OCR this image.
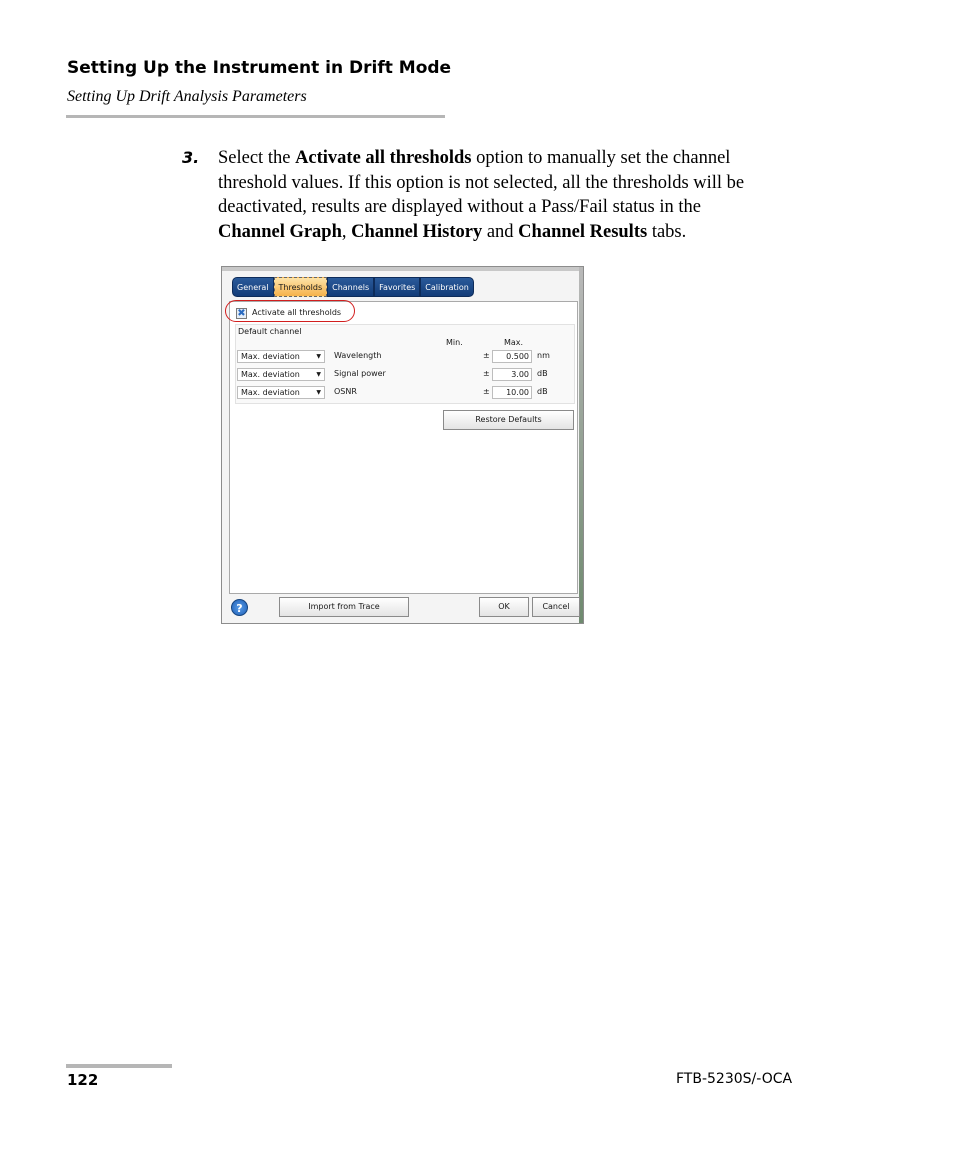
Setting Up the Instrument in Drift Mode
Setting Up Drift Analysis Parameters
3. Select the Activate all thresholds option to manually set the channel
threshold values. If this option is not selected, all the thresholds will be
deactivated, results are displayed without a Pass/Fail status in the
Channel Graph, Channel History and Channel Results tabs.
General	Thresholds	Channels	Favorites	Calibration
✖ Activate all thresholds
Default channel
Min.	Max.
Max. deviation	▼ Wavelength	±	0.500	nm
Max. deviation	▼ Signal power	±	3.00	dB
Max. deviation	▼ OSNR	±	10.00	dB
Restore Defaults
?	Import from Trace	OK	Cancel
122	FTB-5230S/-OCA
